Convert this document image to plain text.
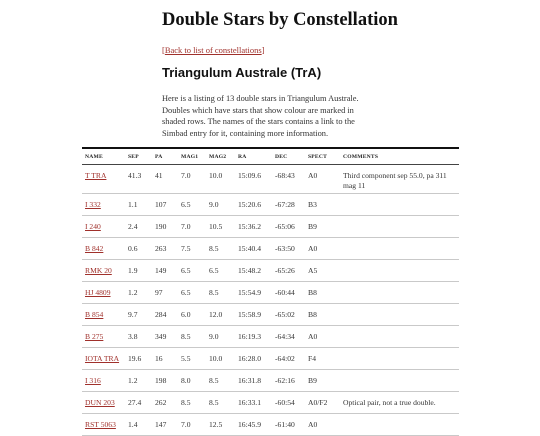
Double Stars by Constellation
[Back to list of constellations]
Triangulum Australe (TrA)

Here is a listing of 13 double stars in Triangulum Australe. Doubles which have stars that show colour are marked in shaded rows. The names of the stars contains a link to the Simbad entry for it, containing more information.

NAME	SEP	PA	MAG1	MAG2	RA	DEC	SPECT	COMMENTS
T TRA	41.3	41	7.0	10.0	15:09.6	-68:43	A0	Third component sep 55.0, pa 311 mag 11
I 332	1.1	107	6.5	9.0	15:20.6	-67:28	B3	
I 240	2.4	190	7.0	10.5	15:36.2	-65:06	B9	
B 842	0.6	263	7.5	8.5	15:40.4	-63:50	A0	
RMK 20	1.9	149	6.5	6.5	15:48.2	-65:26	A5	
HJ 4809	1.2	97	6.5	8.5	15:54.9	-60:44	B8	
B 854	9.7	284	6.0	12.0	15:58.9	-65:02	B8	
B 275	3.8	349	8.5	9.0	16:19.3	-64:34	A0	
IOTA TRA	19.6	16	5.5	10.0	16:28.0	-64:02	F4	
I 316	1.2	198	8.0	8.5	16:31.8	-62:16	B9	
DUN 203	27.4	262	8.5	8.5	16:33.1	-60:54	A0/F2	Optical pair, not a true double.
RST 5063	1.4	147	7.0	12.5	16:45.9	-61:40	A0	
